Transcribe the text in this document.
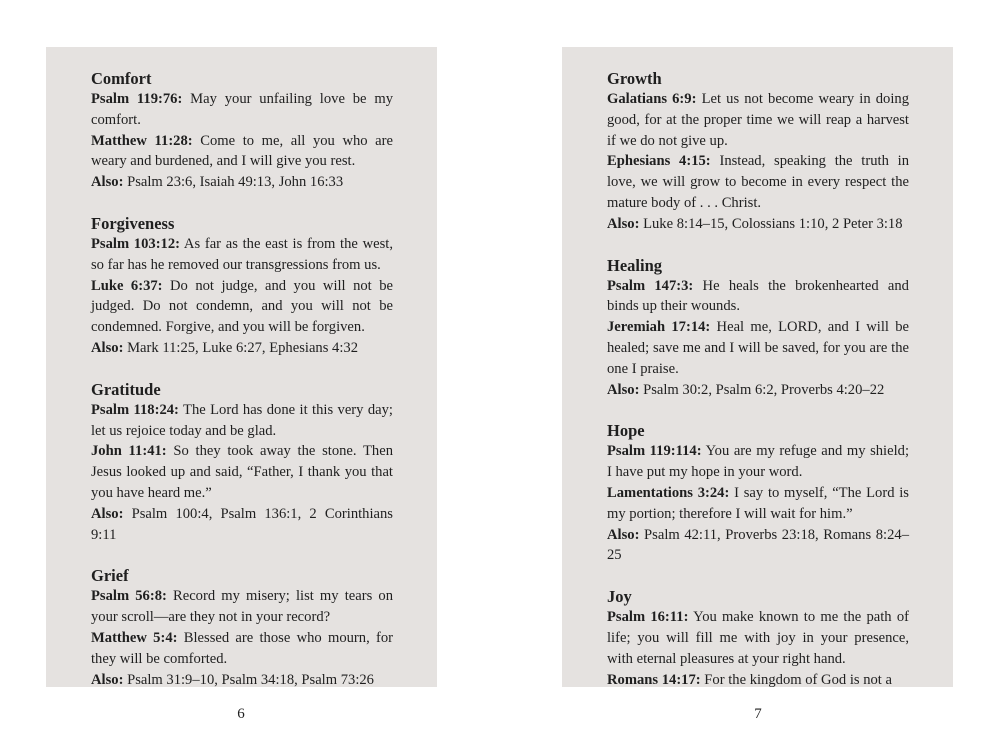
Comfort
Psalm 119:76: May your unfailing love be my comfort.
Matthew 11:28: Come to me, all you who are weary and burdened, and I will give you rest.
Also: Psalm 23:6, Isaiah 49:13, John 16:33
Forgiveness
Psalm 103:12: As far as the east is from the west, so far has he removed our transgressions from us.
Luke 6:37: Do not judge, and you will not be judged. Do not condemn, and you will not be condemned. Forgive, and you will be forgiven.
Also: Mark 11:25, Luke 6:27, Ephesians 4:32
Gratitude
Psalm 118:24: The Lord has done it this very day; let us rejoice today and be glad.
John 11:41: So they took away the stone. Then Jesus looked up and said, “Father, I thank you that you have heard me.”
Also: Psalm 100:4, Psalm 136:1, 2 Corinthians 9:11
Grief
Psalm 56:8: Record my misery; list my tears on your scroll—are they not in your record?
Matthew 5:4: Blessed are those who mourn, for they will be comforted.
Also: Psalm 31:9–10, Psalm 34:18, Psalm 73:26
Growth
Galatians 6:9: Let us not become weary in doing good, for at the proper time we will reap a harvest if we do not give up.
Ephesians 4:15: Instead, speaking the truth in love, we will grow to become in every respect the mature body of . . . Christ.
Also: Luke 8:14–15, Colossians 1:10, 2 Peter 3:18
Healing
Psalm 147:3: He heals the brokenhearted and binds up their wounds.
Jeremiah 17:14: Heal me, LORD, and I will be healed; save me and I will be saved, for you are the one I praise.
Also: Psalm 30:2, Psalm 6:2, Proverbs 4:20–22
Hope
Psalm 119:114: You are my refuge and my shield; I have put my hope in your word.
Lamentations 3:24: I say to myself, “The Lord is my portion; therefore I will wait for him.”
Also: Psalm 42:11, Proverbs 23:18, Romans 8:24–25
Joy
Psalm 16:11: You make known to me the path of life; you will fill me with joy in your presence, with eternal pleasures at your right hand.
Romans 14:17: For the kingdom of God is not a
6	7
